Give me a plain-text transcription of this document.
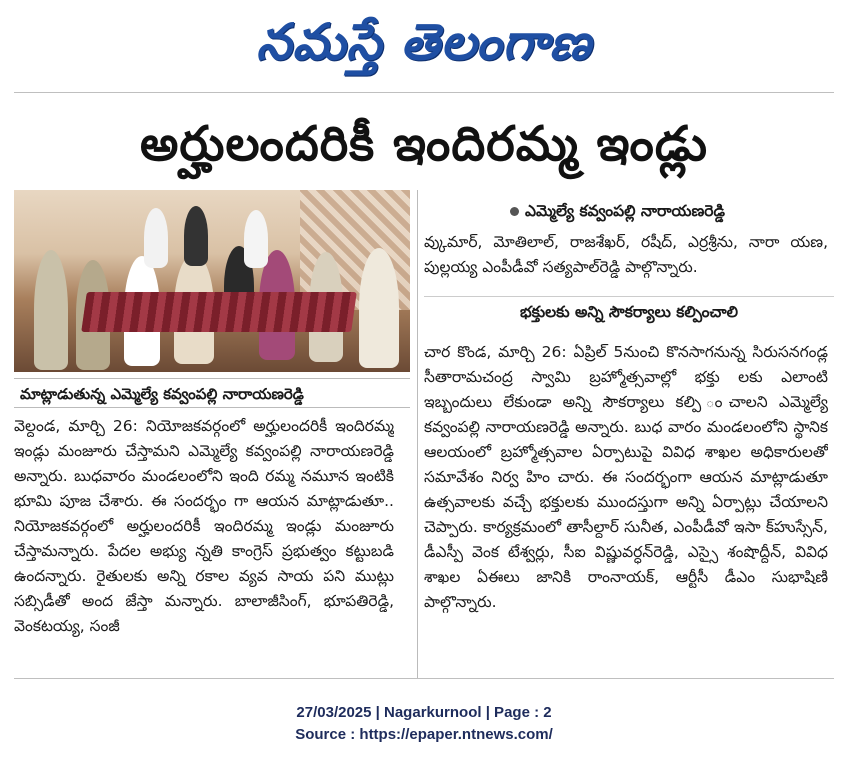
నమస్తే తెలంగాణ
అర్హులందరికీ ఇందిరమ్మ ఇండ్లు
మాట్లాడుతున్న ఎమ్మెల్యే కవ్వంపల్లి నారాయణరెడ్డి
వెల్దండ, మార్చి 26: నియోజకవర్గంలో అర్హులందరికీ ఇందిరమ్మ ఇండ్లు మంజూరు చేస్తామని ఎమ్మెల్యే కవ్వంపల్లి నారాయణరెడ్డి అన్నారు. బుధవారం మండలంలోని ఇంది రమ్మ నమూన ఇంటికి భూమి పూజ చేశారు. ఈ సందర్భం గా ఆయన మాట్లాడుతూ.. నియోజకవర్గంలో అర్హులందరికీ ఇందిరమ్మ ఇండ్లు మంజూరు చేస్తామన్నారు. పేదల అభ్యు న్నతి కాంగ్రెస్ ప్రభుత్వం కట్టుబడి ఉందన్నారు. రైతులకు అన్ని రకాల వ్యవ సాయ పని ముట్లు సబ్సిడీతో అంద జేస్తా మన్నారు. బాలాజీసింగ్, భూపతిరెడ్డి, వెంకటయ్య, సంజీ
ఎమ్మెల్యే కవ్వంపల్లి నారాయణరెడ్డి
వ్కుమార్, మోతిలాల్, రాజశేఖర్, రషీద్, ఎర్రశ్రీను, నారా యణ, పుల్లయ్య ఎంపీడీవో సత్యపాల్‌రెడ్డి పాల్గొన్నారు.
భక్తులకు అన్ని సౌకర్యాలు కల్పించాలి
చార కొండ, మార్చి 26: ఏప్రిల్ 5నుంచి కొనసాగనున్న సిరుసనగండ్ల సీతారామచంద్ర స్వామి బ్రహ్మోత్సవాల్లో భక్తు లకు ఎలాంటి ఇబ్బందులు లేకుండా అన్ని సౌకర్యాలు కల్పి ంచాలని ఎమ్మెల్యే కవ్వంపల్లి నారాయణరెడ్డి అన్నారు. బుధ వారం మండలంలోని స్థానిక ఆలయంలో బ్రహ్మోత్సవాల ఏర్పాటుపై వివిధ శాఖల అధికారులతో సమావేశం నిర్వ హిం చారు. ఈ సందర్భంగా ఆయన మాట్లాడుతూ ఉత్సవాలకు వచ్చే భక్తులకు ముందస్తుగా అన్ని ఏర్పాట్లు చేయాలని చెప్పారు. కార్యక్రమంలో తాసీల్దార్ సునీత, ఎంపీడీవో ఇసా క్‌హుస్సేన్, డీఎస్పీ వెంక టేశ్వర్లు, సీఐ విష్ణువర్ధన్‌రెడ్డి, ఎస్సై శంషొద్దీన్, వివిధ శాఖల ఏఈలు జానికి రాంనాయక్, ఆర్టీసీ డీఎం సుభాషిణి పాల్గొన్నారు.
27/03/2025 | Nagarkurnool | Page : 2
Source : https://epaper.ntnews.com/
